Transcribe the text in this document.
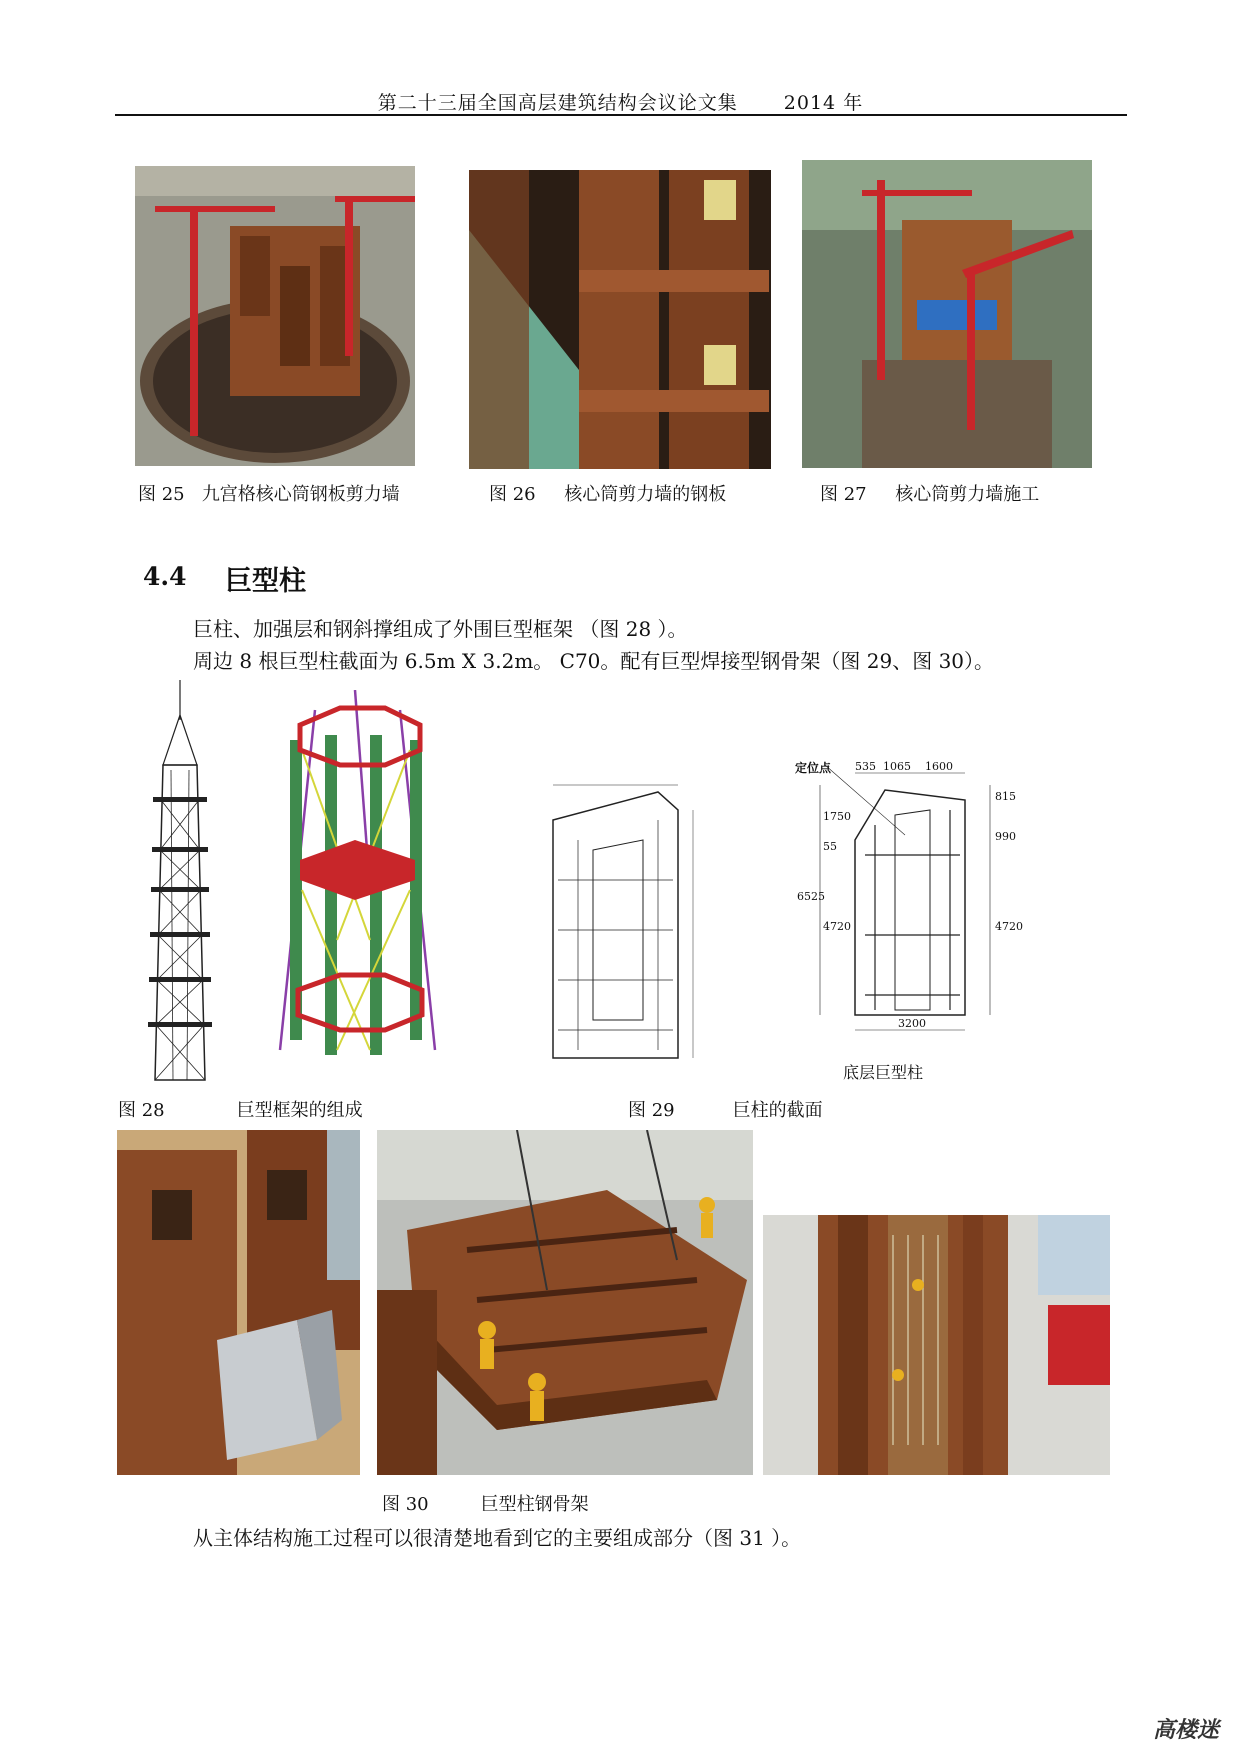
第二十三届全国高层建筑结构会议论文集 2014 年
图 25 九宫格核心筒钢板剪力墙	图 26 核心筒剪力墙的钢板	图 27 核心筒剪力墙施工
4.4 巨型柱
巨柱、加强层和钢斜撑组成了外围巨型框架 （图 28 ）。
周边 8 根巨型柱截面为 6.5m X 3.2m。 C70。配有巨型焊接型钢骨架（图 29、图 30）。
定位点 535 1065 1600
1750
55
6525
4720
815
990
4720
3200
底层巨型柱
图 28	巨型框架的组成	图 29	巨柱的截面
图 30	巨型柱钢骨架
从主体结构施工过程可以很清楚地看到它的主要组成部分（图 31 ）。
高楼迷
